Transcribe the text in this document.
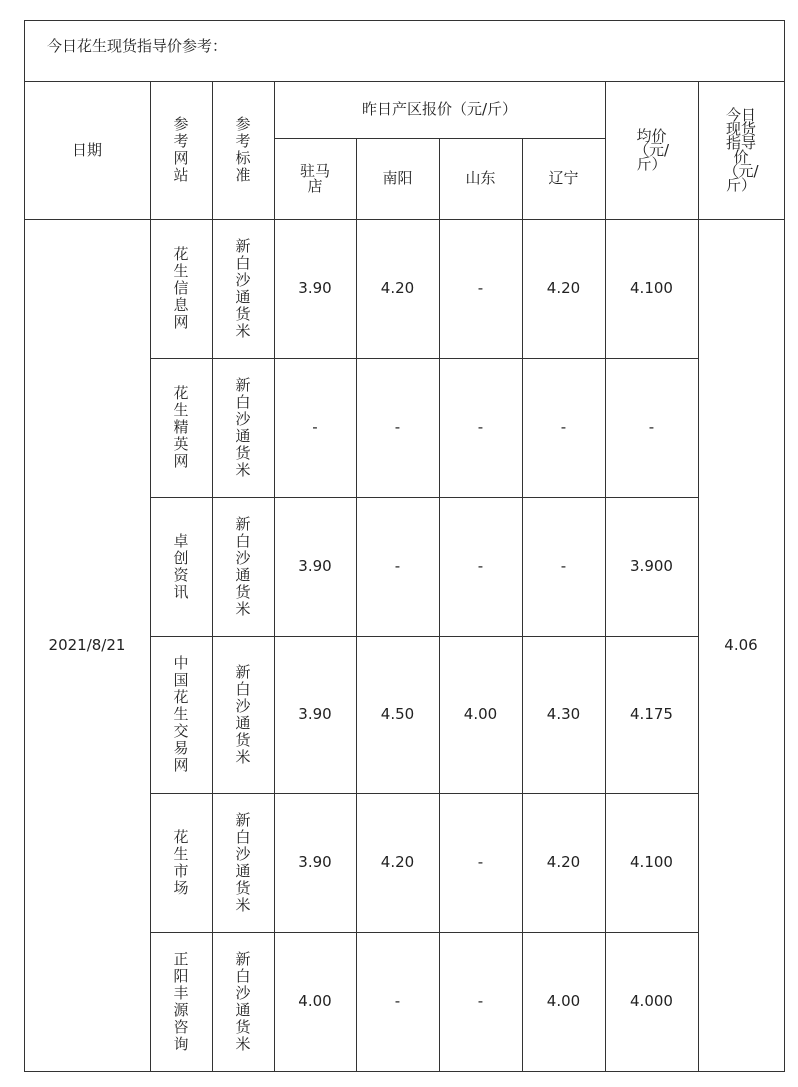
今日花生现货指导价参考：
日期
参考网站
参考标准
昨日产区报价（元/斤）
驻马店	南阳	山东	辽宁
均价（元/斤）
今日现货指导价（元/斤）
2021/8/21	4.06
花生信息网
新白沙通货米
3.90	4.20	-	4.20	4.100
花生精英网
新白沙通货米
-	-	-	-	-
卓创资讯
新白沙通货米
3.90	-	-	-	3.900
中国花生交易网
新白沙通货米
3.90	4.50	4.00	4.30	4.175
花生市场
新白沙通货米
3.90	4.20	-	4.20	4.100
正阳丰源咨询
新白沙通货米
4.00	-	-	4.00	4.000
